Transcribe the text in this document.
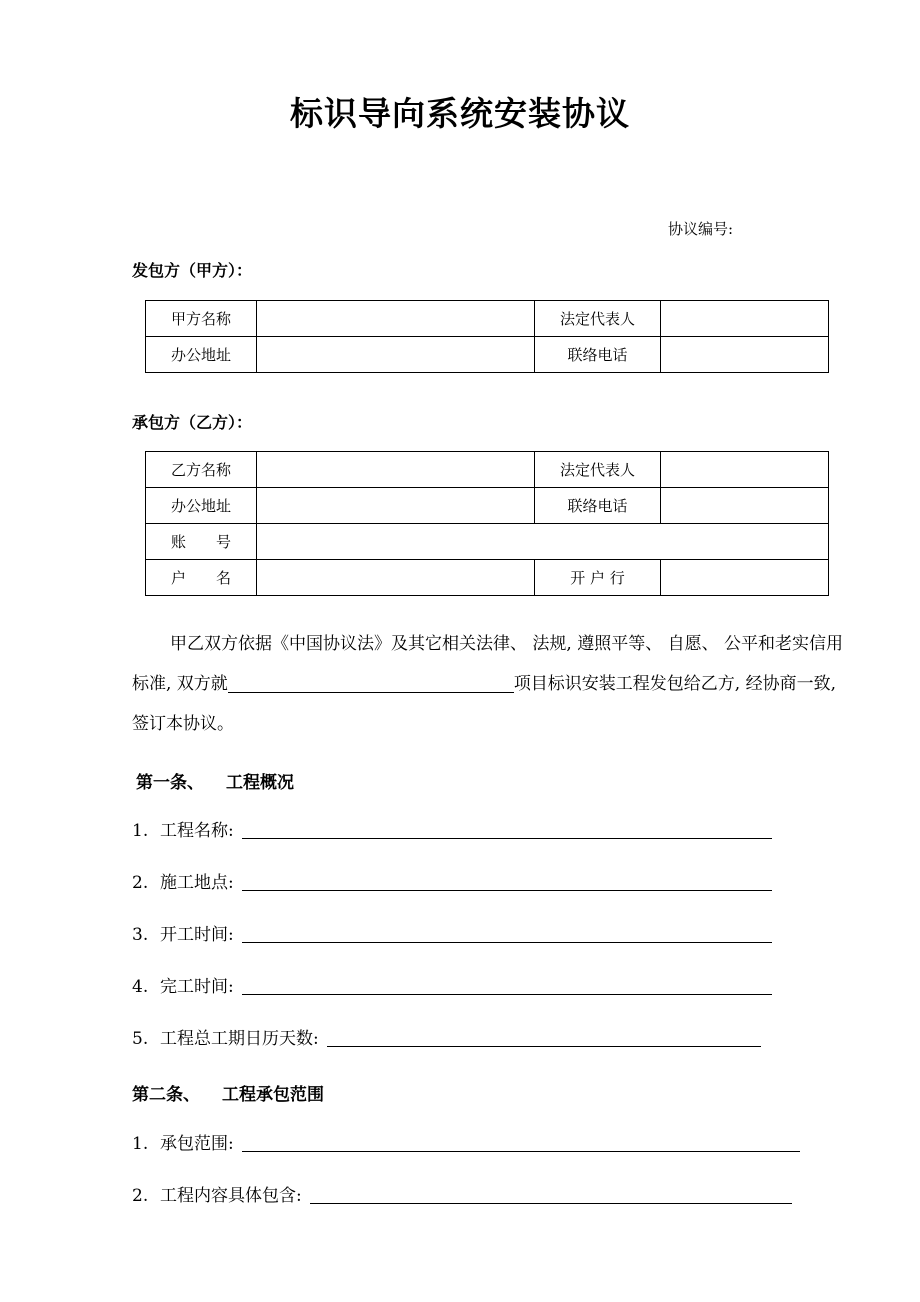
标识导向系统安装协议
协议编号:
发包方（甲方）：
甲方名称		法定代表人	
办公地址		联络电话	
承包方（乙方）：
乙方名称		法定代表人	
办公地址		联络电话	
账　　号			
户　　名		开 户 行	
甲乙双方依据《中国协议法》及其它相关法律、 法规, 遵照平等、 自愿、 公平和老实信用标准, 双方就	项目标识安装工程发包给乙方, 经协商一致, 签订本协议。
第一条、 工程概况
1. 工程名称:
2. 施工地点:
3. 开工时间:
4. 完工时间:
5. 工程总工期日历天数:
第二条、 工程承包范围
1. 承包范围:
2. 工程内容具体包含:
